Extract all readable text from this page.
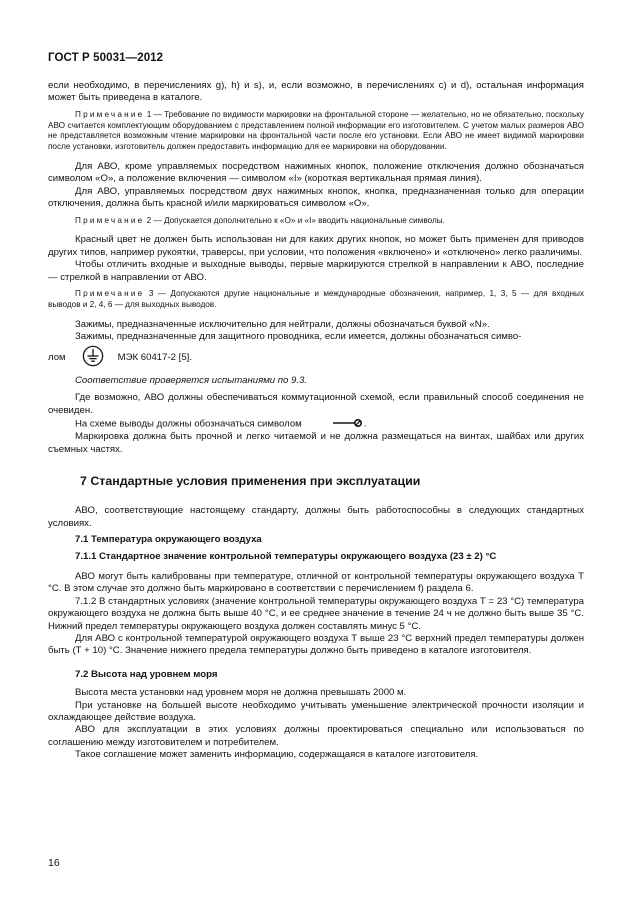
ГОСТ Р 50031—2012

если необходимо, в перечислениях g), h) и s), и, если возможно, в перечислениях c) и d), остальная информация может быть приведена в каталоге.

Примечание 1 — Требование по видимости маркировки на фронтальной стороне — желательно, но не обязательно, поскольку АВО считается комплектующим оборудованием с представлением полной информации его изготовителем. С учетом малых размеров АВО не представляется возможным чтение маркировки на фронтальной части после его установки. Если АВО не имеет видимой маркировки после установки, изготовитель должен предоставить информацию для ее маркировки на оборудовании.

Для АВО, кроме управляемых посредством нажимных кнопок, положение отключения должно обозначаться символом «О», а положение включения — символом «I» (короткая вертикальная прямая линия).

Для АВО, управляемых посредством двух нажимных кнопок, кнопка, предназначенная только для операции отключения, должна быть красной и/или маркироваться символом «О».

Примечание 2 — Допускается дополнительно к «О» и «I» вводить национальные символы.

Красный цвет не должен быть использован ни для каких других кнопок, но может быть применен для приводов других типов, например рукоятки, траверсы, при условии, что положения «включено» и «отключено» легко различимы.

Чтобы отличить входные и выходные выводы, первые маркируются стрелкой в направлении к АВО, последние — стрелкой в направлении от АВО.

Примечание 3 — Допускаются другие национальные и международные обозначения, например, 1, 3, 5 — для входных выводов и 2, 4, 6 — для выходных выводов.

Зажимы, предназначенные исключительно для нейтрали, должны обозначаться буквой «N».

Зажимы, предназначенные для защитного проводника, если имеется, должны обозначаться симво-

лом	МЭК 60417-2 [5].

Соответствие проверяется испытаниями по 9.3.

Где возможно, АВО должны обеспечиваться коммутационной схемой, если правильный способ соединения не очевиден.

На схеме выводы должны обозначаться символом	.

Маркировка должна быть прочной и легко читаемой и не должна размещаться на винтах, шайбах или других съемных частях.

7 Стандартные условия применения при эксплуатации

АВО, соответствующие настоящему стандарту, должны быть работоспособны в следующих стандартных условиях.

7.1 Температура окружающего воздуха

7.1.1 Стандартное значение контрольной температуры окружающего воздуха (23 ± 2) °С

АВО могут быть калиброваны при температуре, отличной от контрольной температуры окружающего воздуха Т °С. В этом случае это должно быть маркировано в соответствии с перечислением f) раздела 6.

7.1.2 В стандартных условиях (значение контрольной температуры окружающего воздуха Т = 23 °С) температура окружающего воздуха не должна быть выше 40 °С, и ее среднее значение в течение 24 ч не должно быть выше 35 °С. Нижний предел температуры окружающего воздуха должен составлять минус 5 °С.

Для АВО с контрольной температурой окружающего воздуха Т выше 23 °С верхний предел температуры должен быть (Т + 10) °С. Значение нижнего предела температуры должно быть приведено в каталоге изготовителя.

7.2 Высота над уровнем моря

Высота места установки над уровнем моря не должна превышать 2000 м.

При установке на большей высоте необходимо учитывать уменьшение электрической прочности изоляции и охлаждающее действие воздуха.

АВО для эксплуатации в этих условиях должны проектироваться специально или использоваться по соглашению между изготовителем и потребителем.

Такое соглашение может заменить информацию, содержащаяся в каталоге изготовителя.

16
